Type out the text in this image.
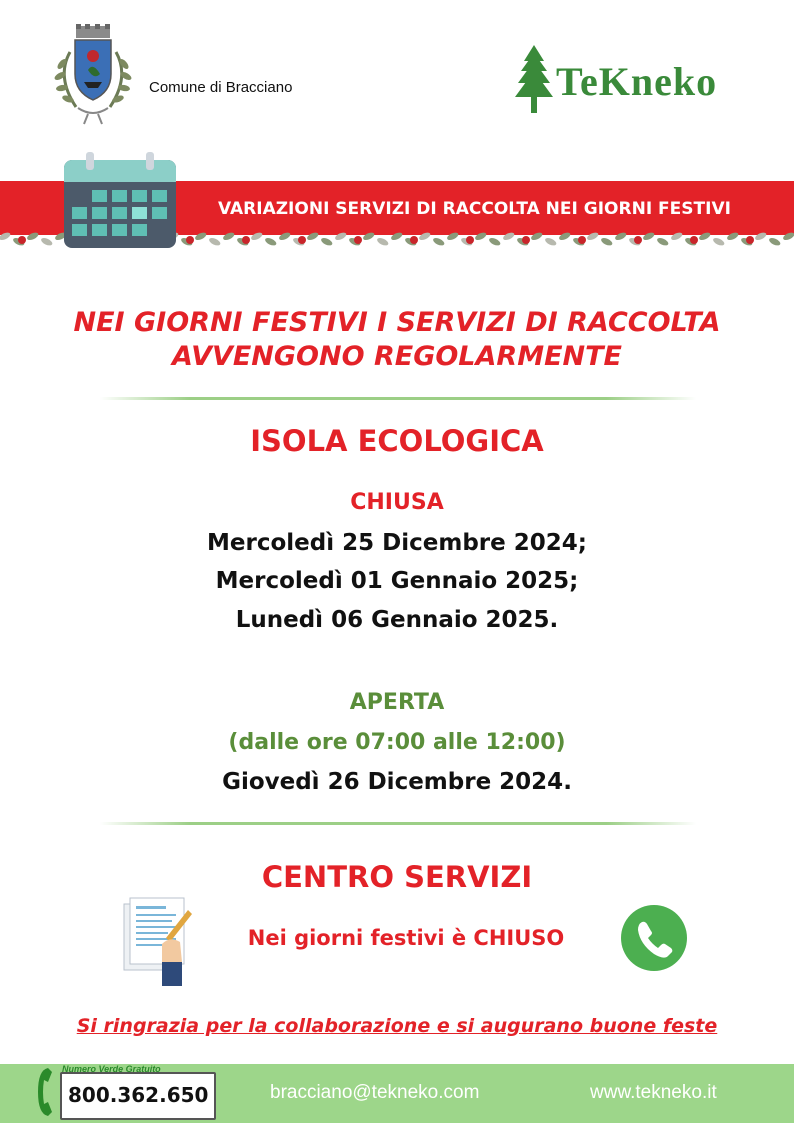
Comune di Bracciano	TeKneko
VARIAZIONI SERVIZI DI RACCOLTA NEI GIORNI FESTIVI
NEI GIORNI FESTIVI I SERVIZI DI RACCOLTA
AVVENGONO REGOLARMENTE
ISOLA ECOLOGICA
CHIUSA
Mercoledì 25 Dicembre 2024;
Mercoledì 01 Gennaio 2025;
Lunedì 06 Gennaio 2025.
APERTA
(dalle ore 07:00 alle 12:00)
Giovedì 26 Dicembre 2024.
CENTRO SERVIZI
Nei giorni festivi è CHIUSO
Si ringrazia per la collaborazione e si augurano buone feste
Numero Verde Gratuito
800.362.650	bracciano@tekneko.com	www.tekneko.it
